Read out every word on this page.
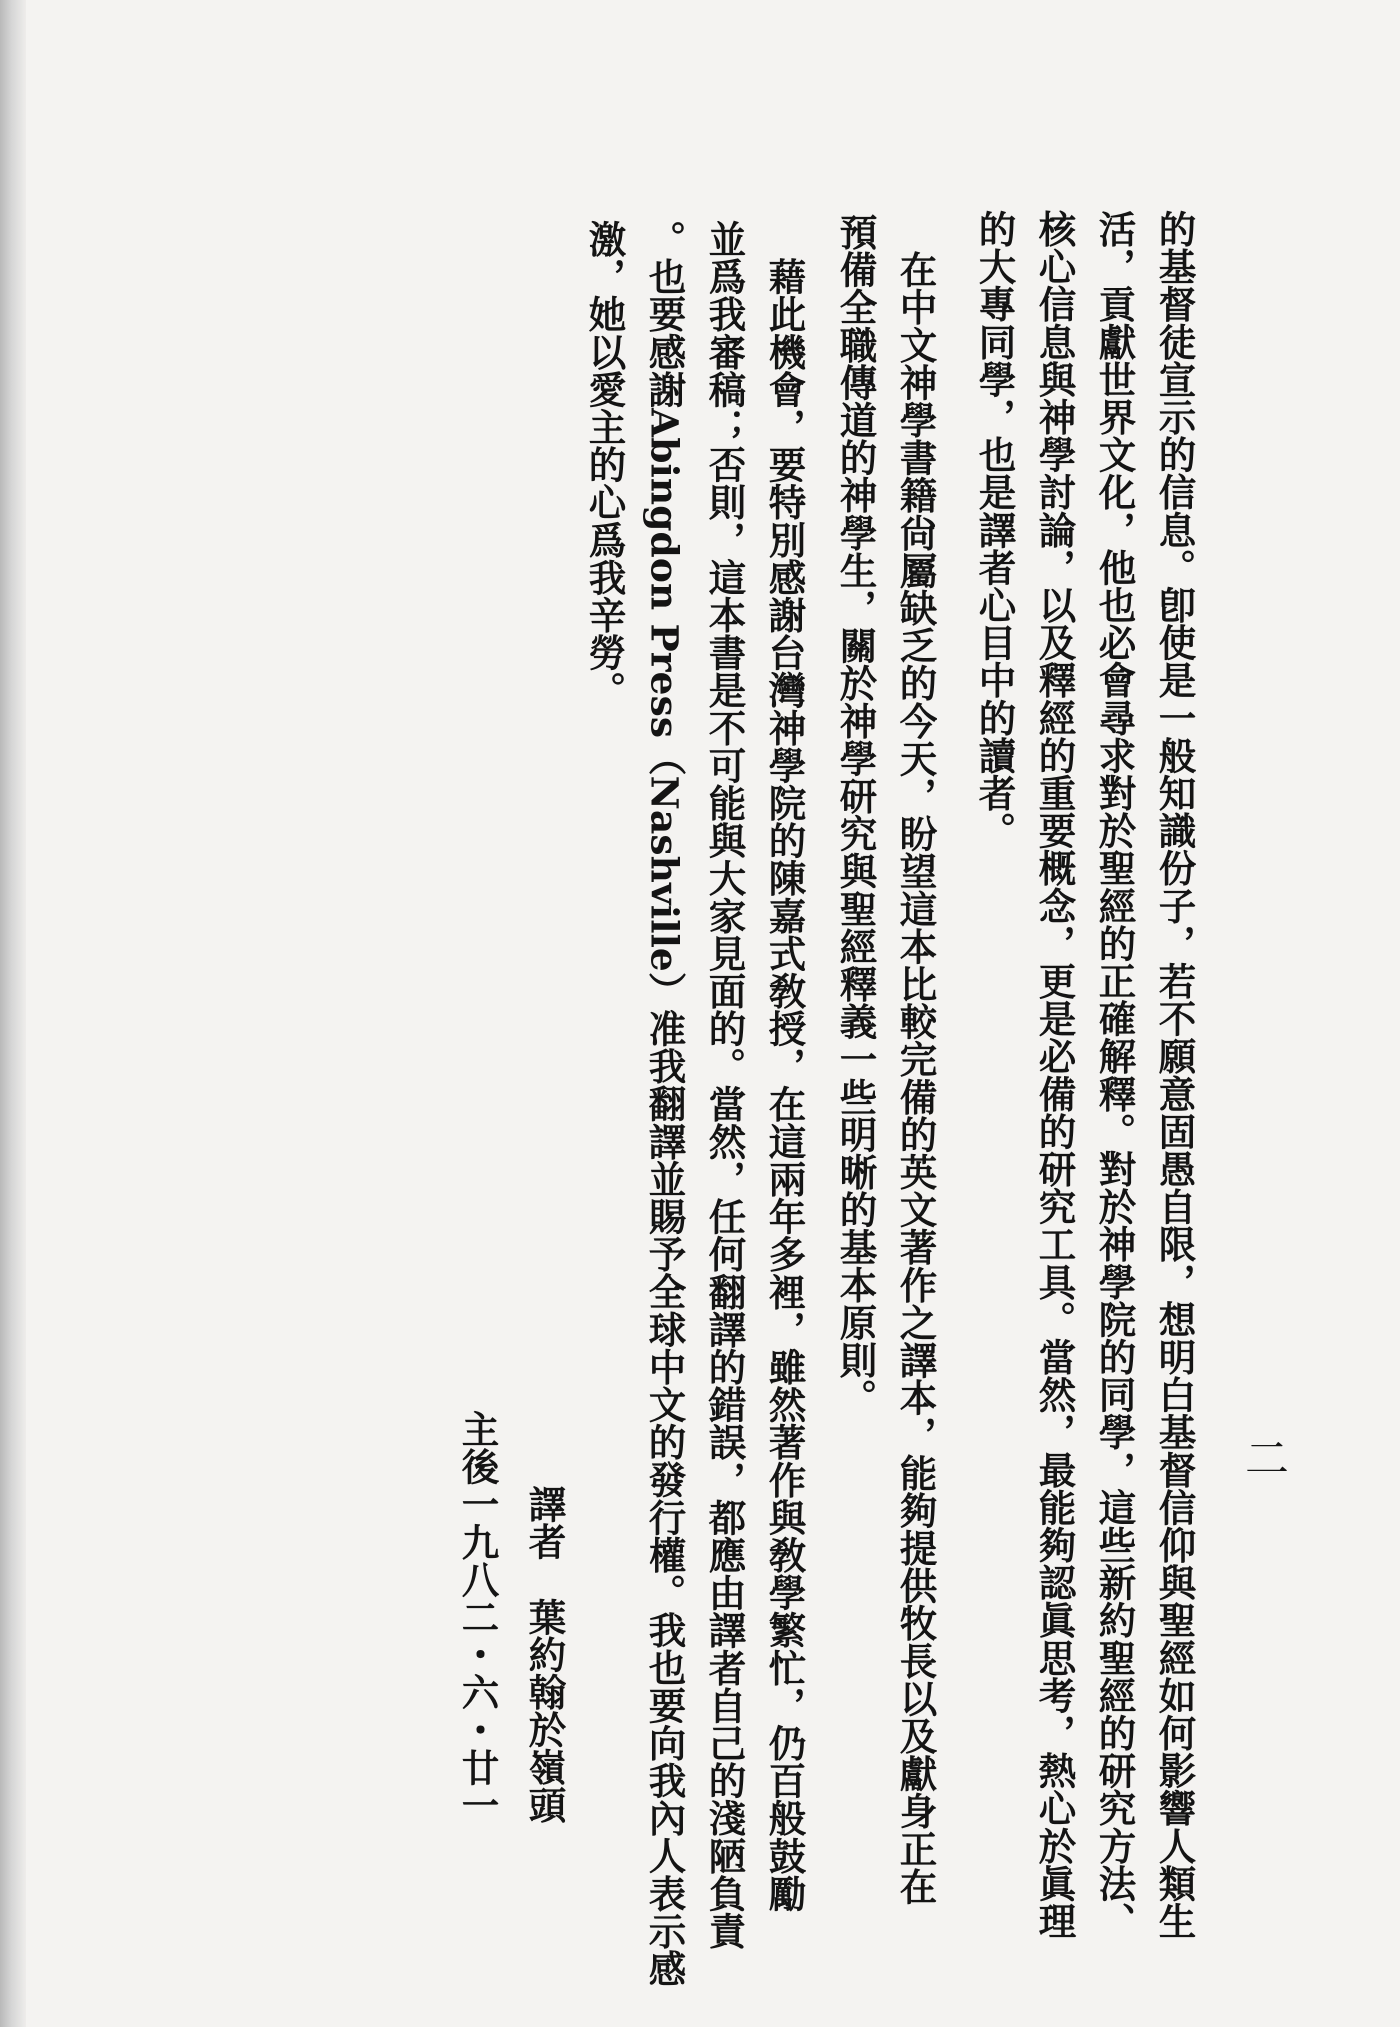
二
的基督徒宣示的信息。卽使是一般知識份子，若不願意固愚自限，想明白基督信仰與聖經如何影響人類生
活，貢獻世界文化，他也必會尋求對於聖經的正確解釋。對於神學院的同學，這些新約聖經的研究方法、
核心信息與神學討論，以及釋經的重要概念，更是必備的研究工具。當然，最能夠認眞思考，熱心於眞理
的大專同學，也是譯者心目中的讀者。
　在中文神學書籍尙屬缺乏的今天，盼望這本比較完備的英文著作之譯本，能夠提供牧長以及獻身正在
預備全職傳道的神學生，關於神學研究與聖經釋義一些明晰的基本原則。
　藉此機會，要特別感謝台灣神學院的陳嘉式敎授，在這兩年多裡，雖然著作與敎學繁忙，仍百般鼓勵
並爲我審稿；否則，這本書是不可能與大家見面的。當然，任何翻譯的錯誤，都應由譯者自己的淺陋負責
。也要感謝Abingdon Press（Nashville）准我翻譯並賜予全球中文的發行權。我也要向我內人表示感
激，她以愛主的心爲我辛勞。
譯者　葉約翰於嶺頭
主後一九八二・六・廿一
